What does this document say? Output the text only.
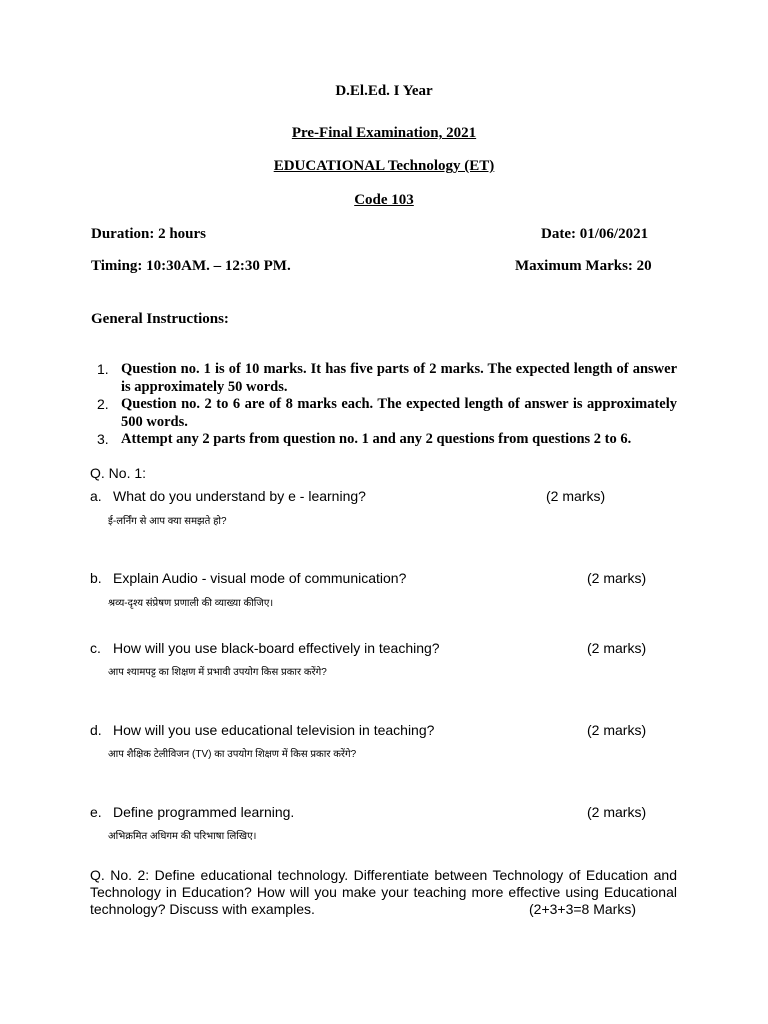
D.El.Ed. I Year
Pre-Final Examination, 2021
EDUCATIONAL Technology (ET)
Code 103
Duration: 2 hours	Date: 01/06/2021
Timing: 10:30AM. – 12:30 PM.	Maximum Marks: 20
General Instructions:
1. Question no. 1 is of 10 marks. It has five parts of 2 marks. The expected length of answer is approximately 50 words.
2. Question no. 2 to 6 are of 8 marks each. The expected length of answer is approximately 500 words.
3. Attempt any 2 parts from question no. 1 and any 2 questions from questions 2 to 6.
Q. No. 1:
a. What do you understand by e - learning?	(2 marks)
ई-लर्निंग से आप क्या समझते हो?
b. Explain Audio - visual mode of communication?	(2 marks)
श्रव्य-दृश्य संप्रेषण प्रणाली की व्याख्या कीजिए।
c. How will you use black-board effectively in teaching?	(2 marks)
आप श्यामपट्ट का शिक्षण में प्रभावी उपयोग किस प्रकार करेंगे?
d. How will you use educational television in teaching?	(2 marks)
आप शैक्षिक टेलीविजन (TV) का उपयोग शिक्षण में किस प्रकार करेंगे?
e. Define programmed learning.	(2 marks)
अभिक्रमित अधिगम की परिभाषा लिखिए।
Q. No. 2: Define educational technology. Differentiate between Technology of Education and Technology in Education? How will you make your teaching more effective using Educational technology? Discuss with examples.	(2+3+3=8 Marks)
